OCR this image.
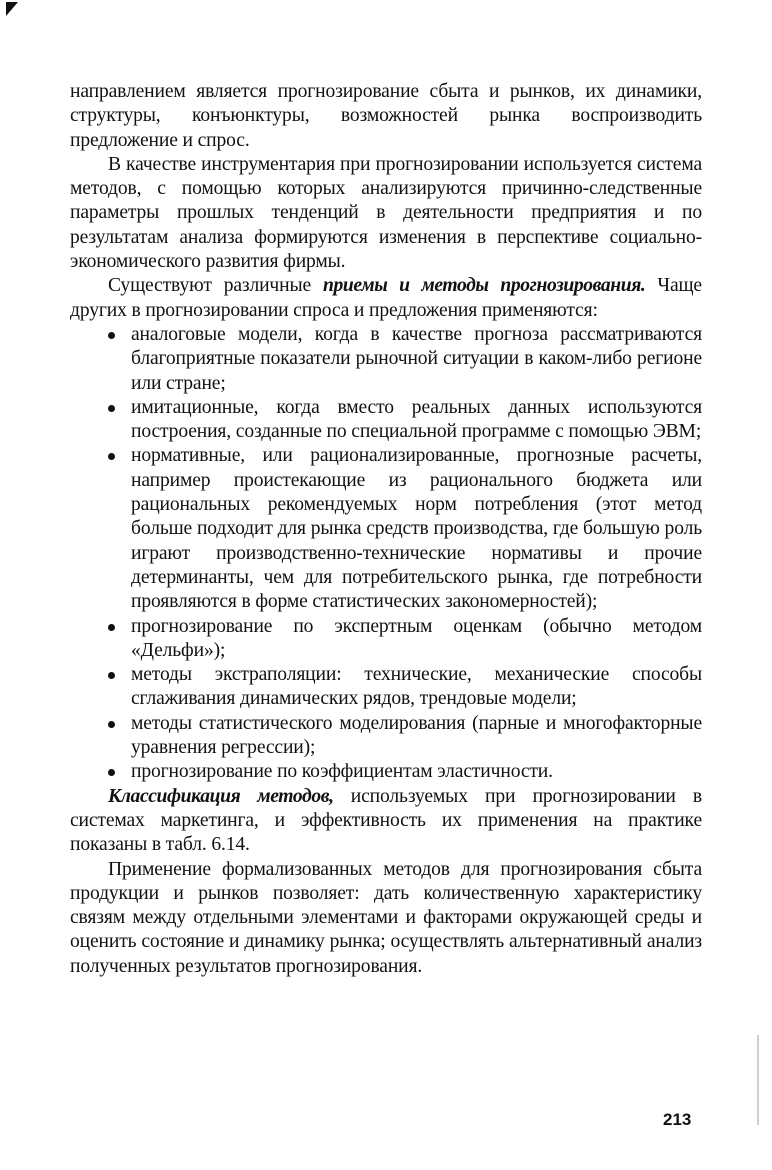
направлением является прогнозирование сбыта и рынков, их динамики, структуры, конъюнктуры, возможностей рынка воспроизводить предложение и спрос.

В качестве инструментария при прогнозировании используется система методов, с помощью которых анализируются причинно-следственные параметры прошлых тенденций в деятельности предприятия и по результатам анализа формируются изменения в перспективе социально-экономического развития фирмы.

Существуют различные приемы и методы прогнозирования. Чаще других в прогнозировании спроса и предложения применяются:

аналоговые модели, когда в качестве прогноза рассматриваются благоприятные показатели рыночной ситуации в каком-либо регионе или стране;
имитационные, когда вместо реальных данных используются построения, созданные по специальной программе с помощью ЭВМ;
нормативные, или рационализированные, прогнозные расчеты, например проистекающие из рационального бюджета или рациональных рекомендуемых норм потребления (этот метод больше подходит для рынка средств производства, где большую роль играют производственно-технические нормативы и прочие детерминанты, чем для потребительского рынка, где потребности проявляются в форме статистических закономерностей);
прогнозирование по экспертным оценкам (обычно методом «Дельфи»);
методы экстраполяции: технические, механические способы сглаживания динамических рядов, трендовые модели;
методы статистического моделирования (парные и многофакторные уравнения регрессии);
прогнозирование по коэффициентам эластичности.

Классификация методов, используемых при прогнозировании в системах маркетинга, и эффективность их применения на практике показаны в табл. 6.14.

Применение формализованных методов для прогнозирования сбыта продукции и рынков позволяет: дать количественную характеристику связям между отдельными элементами и факторами окружающей среды и оценить состояние и динамику рынка; осуществлять альтернативный анализ полученных результатов прогнозирования.

213
